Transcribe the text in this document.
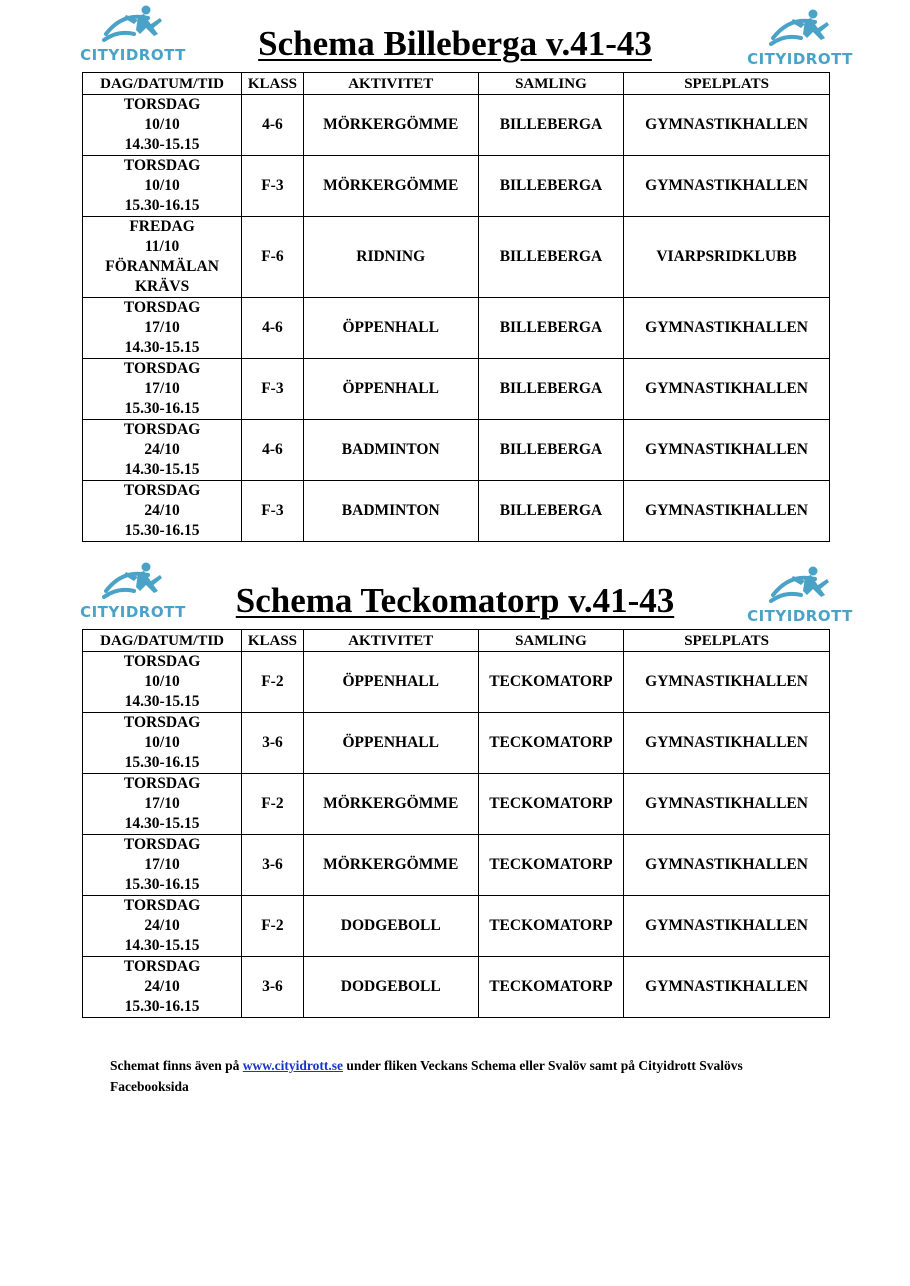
CITYIDROTT	Schema Billeberga v.41-43	CITYIDROTT
DAG/DATUM/TID	KLASS	AKTIVITET	SAMLING	SPELPLATS

TORSDAG
10/10
14.30-15.15	4-6	MÖRKERGÖMME	BILLEBERGA	GYMNASTIKHALLEN

TORSDAG
10/10
15.30-16.15	F-3	MÖRKERGÖMME	BILLEBERGA	GYMNASTIKHALLEN

FREDAG
11/10
FÖRANMÄLAN
KRÄVS	F-6	RIDNING	BILLEBERGA	VIARPSRIDKLUBB

TORSDAG
17/10
14.30-15.15	4-6	ÖPPENHALL	BILLEBERGA	GYMNASTIKHALLEN

TORSDAG
17/10
15.30-16.15	F-3	ÖPPENHALL	BILLEBERGA	GYMNASTIKHALLEN

TORSDAG
24/10
14.30-15.15	4-6	BADMINTON	BILLEBERGA	GYMNASTIKHALLEN

TORSDAG
24/10
15.30-16.15	F-3	BADMINTON	BILLEBERGA	GYMNASTIKHALLEN
CITYIDROTT	Schema Teckomatorp v.41-43	CITYIDROTT
DAG/DATUM/TID	KLASS	AKTIVITET	SAMLING	SPELPLATS

TORSDAG
10/10
14.30-15.15	F-2	ÖPPENHALL	TECKOMATORP	GYMNASTIKHALLEN

TORSDAG
10/10
15.30-16.15	3-6	ÖPPENHALL	TECKOMATORP	GYMNASTIKHALLEN

TORSDAG
17/10
14.30-15.15	F-2	MÖRKERGÖMME	TECKOMATORP	GYMNASTIKHALLEN

TORSDAG
17/10
15.30-16.15	3-6	MÖRKERGÖMME	TECKOMATORP	GYMNASTIKHALLEN

TORSDAG
24/10
14.30-15.15	F-2	DODGEBOLL	TECKOMATORP	GYMNASTIKHALLEN

TORSDAG
24/10
15.30-16.15	3-6	DODGEBOLL	TECKOMATORP	GYMNASTIKHALLEN
Schemat finns även på www.cityidrott.se under fliken Veckans Schema eller Svalöv samt på Cityidrott Svalövs Facebooksida
